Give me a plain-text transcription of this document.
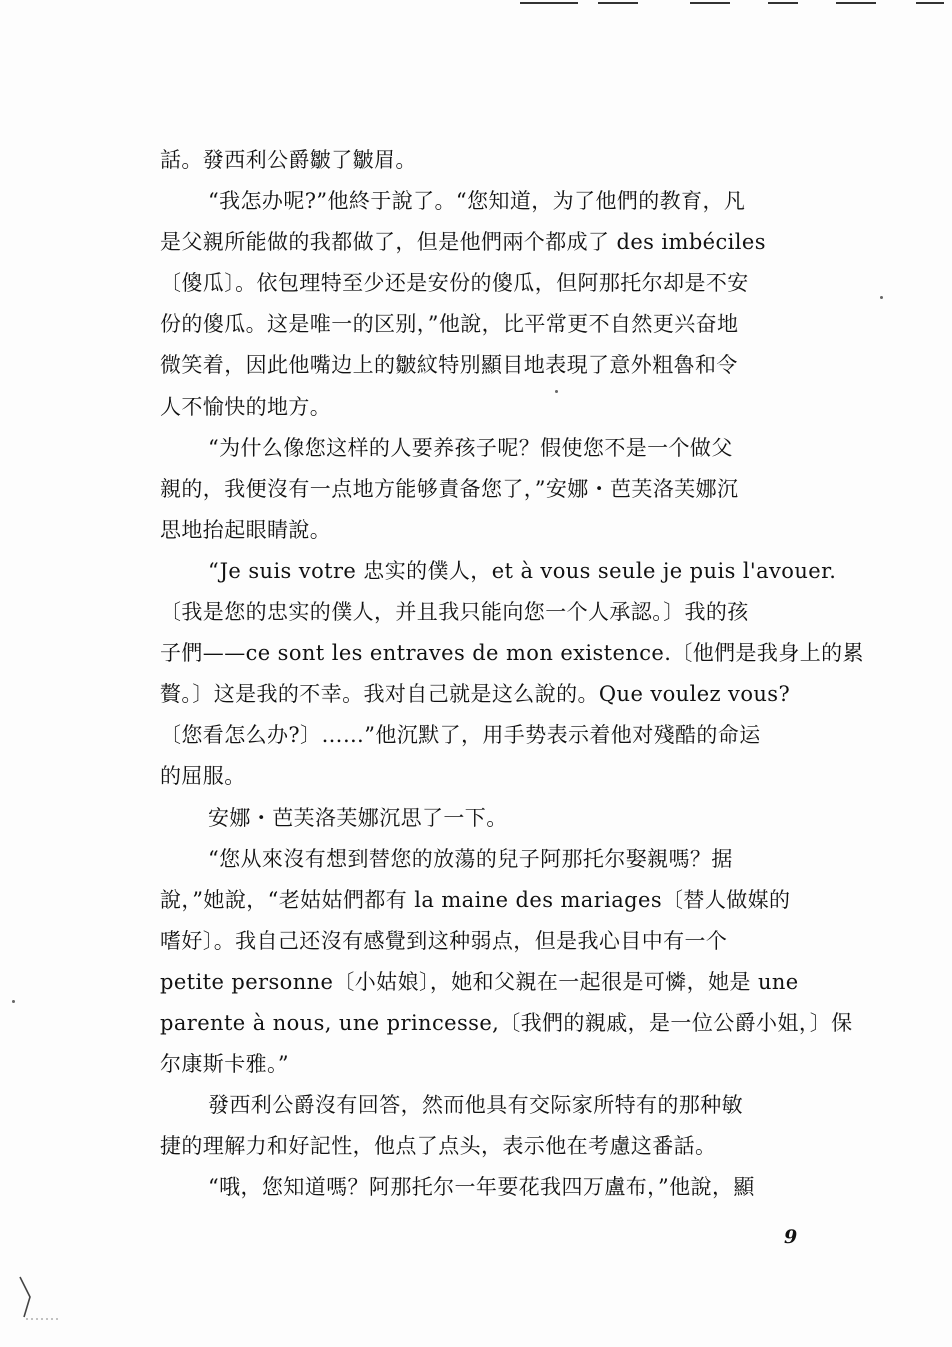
話。發西利公爵皺了皺眉。
“我怎办呢?”他終于說了。“您知道，为了他們的教育，凡
是父親所能做的我都做了，但是他們兩个都成了 des imbéciles
〔傻瓜〕。依包理特至少还是安份的傻瓜，但阿那托尔却是不安
份的傻瓜。这是唯一的区别，”他說，比平常更不自然更兴奋地
微笑着，因此他嘴边上的皺紋特別顯目地表現了意外粗魯和令
人不愉快的地方。
“为什么像您这样的人要养孩子呢？假使您不是一个做父
親的，我便沒有一点地方能够責备您了，”安娜・芭芙洛芙娜沉
思地抬起眼睛說。
“Je suis votre 忠实的僕人，et à vous seule je puis l'avouer.
〔我是您的忠实的僕人，并且我只能向您一个人承認。〕我的孩
子們——ce sont les entraves de mon existence.〔他們是我身上的累
贅。〕这是我的不幸。我对自己就是这么說的。Que voulez vous?
〔您看怎么办?〕……”他沉默了，用手势表示着他对殘酷的命运
的屈服。
安娜・芭芙洛芙娜沉思了一下。
“您从來沒有想到替您的放蕩的兒子阿那托尔娶親嗎？据
說，”她說，“老姑姑們都有 la maine des mariages〔替人做媒的
嗜好〕。我自己还沒有感覺到这种弱点，但是我心目中有一个
petite personne〔小姑娘〕，她和父親在一起很是可憐，她是 une
parente à nous, une princesse,〔我們的親戚，是一位公爵小姐，〕保
尔康斯卡雅。”
發西利公爵沒有回答，然而他具有交际家所特有的那种敏
捷的理解力和好記性，他点了点头，表示他在考慮这番話。
“哦，您知道嗎？阿那托尔一年要花我四万盧布，”他說，顯
9
